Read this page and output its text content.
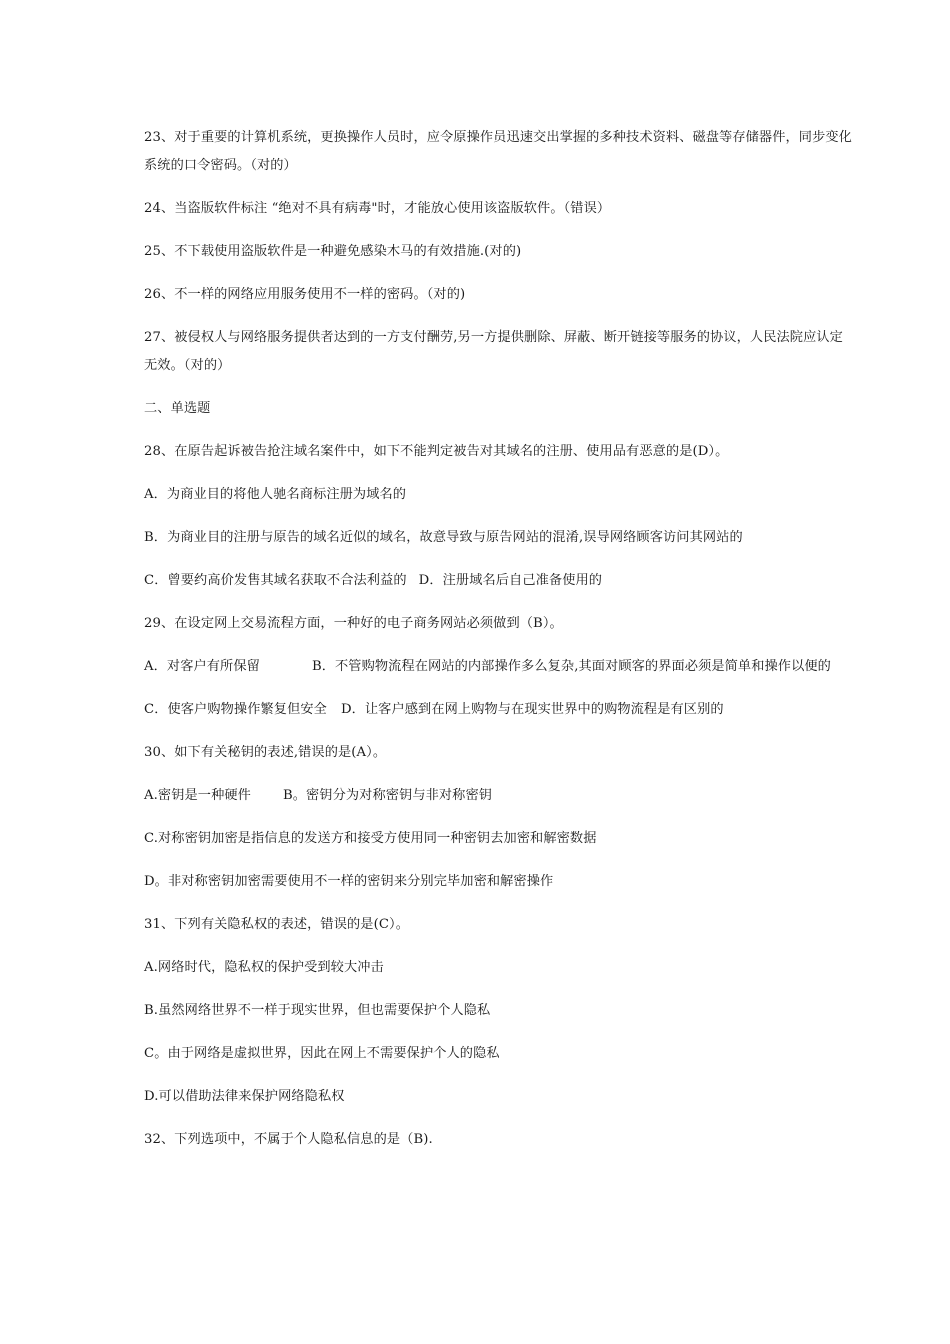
23、对于重要的计算机系统，更换操作人员时，应令原操作员迅速交出掌握的多种技术资料、磁盘等存储器件，同步变化系统的口令密码。（对的）

24、当盗版软件标注 “绝对不具有病毒"时，才能放心使用该盗版软件。（错误）

25、不下载使用盗版软件是一种避免感染木马的有效措施.(对的)

26、不一样的网络应用服务使用不一样的密码。（对的)

27、被侵权人与网络服务提供者达到的一方支付酬劳,另一方提供删除、屏蔽、断开链接等服务的协议，人民法院应认定无效。（对的）

二、单选题

28、在原告起诉被告抢注域名案件中，如下不能判定被告对其域名的注册、使用品有恶意的是(D）。

A．为商业目的将他人驰名商标注册为域名的

B．为商业目的注册与原告的域名近似的域名，故意导致与原告网站的混淆,误导网络顾客访问其网站的

C．曾要约高价发售其域名获取不合法利益的 D．注册域名后自己准备使用的

29、在设定网上交易流程方面，一种好的电子商务网站必须做到（B）。

A．对客户有所保留	B．不管购物流程在网站的内部操作多么复杂,其面对顾客的界面必须是简单和操作以便的

C．使客户购物操作繁复但安全 D．让客户感到在网上购物与在现实世界中的购物流程是有区别的

30、如下有关秘钥的表述,错误的是(A）。

A.密钥是一种硬件 B。密钥分为对称密钥与非对称密钥

C.对称密钥加密是指信息的发送方和接受方使用同一种密钥去加密和解密数据

D。非对称密钥加密需要使用不一样的密钥来分别完毕加密和解密操作

31、下列有关隐私权的表述，错误的是(C）。

A.网络时代，隐私权的保护受到较大冲击

B.虽然网络世界不一样于现实世界，但也需要保护个人隐私

C。由于网络是虚拟世界，因此在网上不需要保护个人的隐私

D.可以借助法律来保护网络隐私权

32、下列选项中，不属于个人隐私信息的是（B).
